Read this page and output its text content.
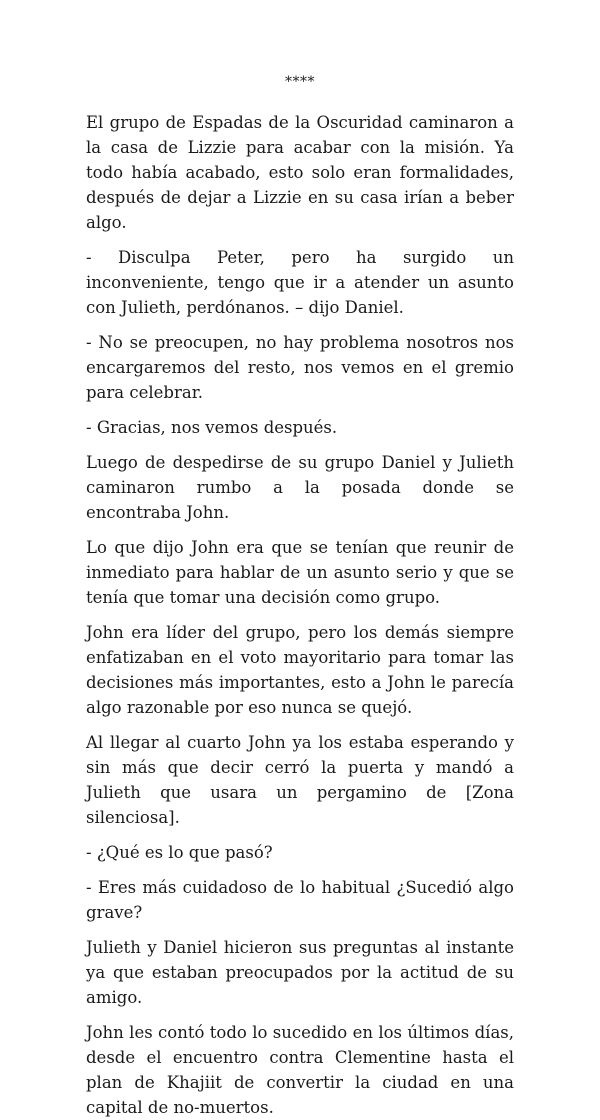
****

El grupo de Espadas de la Oscuridad caminaron a la casa de Lizzie para acabar con la misión. Ya todo había acabado, esto solo eran formalidades, después de dejar a Lizzie en su casa irían a beber algo.

- Disculpa Peter, pero ha surgido un inconveniente, tengo que ir a atender un asunto con Julieth, perdónanos. – dijo Daniel.

- No se preocupen, no hay problema nosotros nos encargaremos del resto, nos vemos en el gremio para celebrar.

- Gracias, nos vemos después.

Luego de despedirse de su grupo Daniel y Julieth caminaron rumbo a la posada donde se encontraba John.

Lo que dijo John era que se tenían que reunir de inmediato para hablar de un asunto serio y que se tenía que tomar una decisión como grupo.

John era líder del grupo, pero los demás siempre enfatizaban en el voto mayoritario para tomar las decisiones más importantes, esto a John le parecía algo razonable por eso nunca se quejó.

Al llegar al cuarto John ya los estaba esperando y sin más que decir cerró la puerta y mandó a Julieth que usara un pergamino de [Zona silenciosa].

- ¿Qué es lo que pasó?

- Eres más cuidadoso de lo habitual ¿Sucedió algo grave?

Julieth y Daniel hicieron sus preguntas al instante ya que estaban preocupados por la actitud de su amigo.

John les contó todo lo sucedido en los últimos días, desde el encuentro contra Clementine hasta el plan de Khajiit de convertir la ciudad en una capital de no-muertos.
